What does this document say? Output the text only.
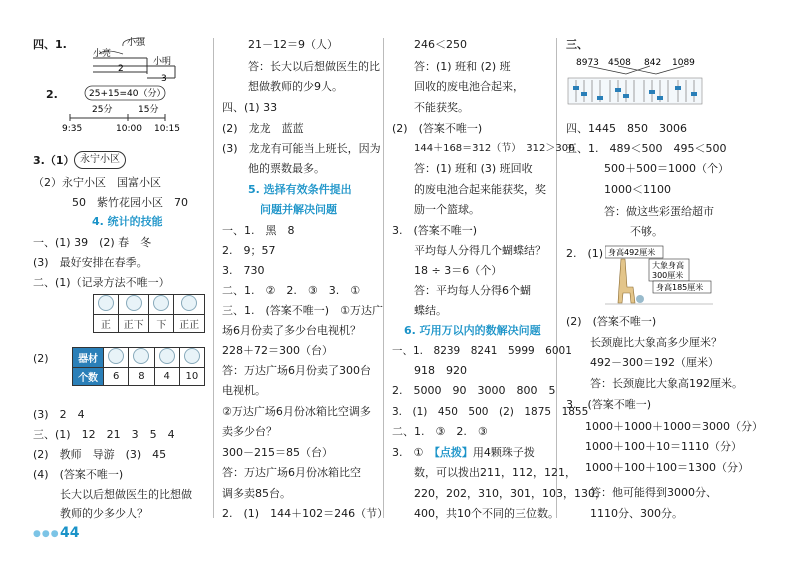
四、1.	小强
小亮
小明
2
3
2.	25+15=40（分）
25分	15分
9:35	10:00 10:15
3.（1） 永宁小区
（2）永宁小区　国富小区
50　紫竹花园小区　70
4. 统计的技能
一、(1) 39　(2) 春　冬
(3)　最好安排在春季。
二、(1)（记录方法不唯一）

正	正下	下	正正
(2)	器材				
个数	6	8	4	10
(3)　2　4
三、(1)　12　21　3　5　4
(2)　教师　导游　(3)　45
(4)　(答案不唯一)
长大以后想做医生的比想做
教师的少多少人？
●●● 44
21－12＝9（人）
答：长大以后想做医生的比
想做教师的少9人。
四、(1) 33
(2)　龙龙　蓝蓝
(3)　龙龙有可能当上班长，因为
他的票数最多。
5. 选择有效条件提出
问题并解决问题
一、1.　黑　8
2.　9；57
3.　730
二、1.　②　2.　③　3.　①
三、1.　(答案不唯一)　①万达广
场6月份卖了多少台电视机？
228＋72＝300（台）
答：万达广场6月份卖了300台
电视机。
②万达广场6月份冰箱比空调多
卖多少台？
300－215＝85（台）
答：万达广场6月份冰箱比空
调多卖85台。
2.　(1)　144＋102＝246（节）
246＜250
答：(1) 班和 (2) 班
回收的废电池合起来，
不能获奖。
(2)　(答案不唯一)
144＋168＝312（节）　312＞300
答：(1) 班和 (3) 班回收
的废电池合起来能获奖，奖
励一个篮球。
3.　(答案不唯一)
平均每人分得几个蝴蝶结？
18 ÷ 3＝6（个）
答：平均每人分得6个蝴
蝶结。
6. 巧用万以内的数解决问题
一、1.　8239　8241　5999　6001
918　920
2.　5000　90　3000　800　5
3.　(1)　450　500　(2)　1875　1855
二、1.　③　2.　③
3.　①　【点拨】用4颗珠子拨
数，可以拨出211，112，121，
220，202，310，301，103，130，
400，共10个不同的三位数。
三、
8973 4508 842 1089
四、1445　850　3006
五、1.　489＜500　495＜500
500＋500＝1000（个）
1000＜1100
答：做这些彩蛋给超市
不够。
2.　(1) 身高492厘米
大象身高
300厘米
身高185厘米
(2)　(答案不唯一)
长颈鹿比大象高多少厘米？
492－300＝192（厘米）
答：长颈鹿比大象高192厘米。
3.　(答案不唯一)
1000＋1000＋1000＝3000（分）
1000＋100＋10＝1110（分）
1000＋100＋100＝1300（分）
答：他可能得到3000分、
1110分、300分。
